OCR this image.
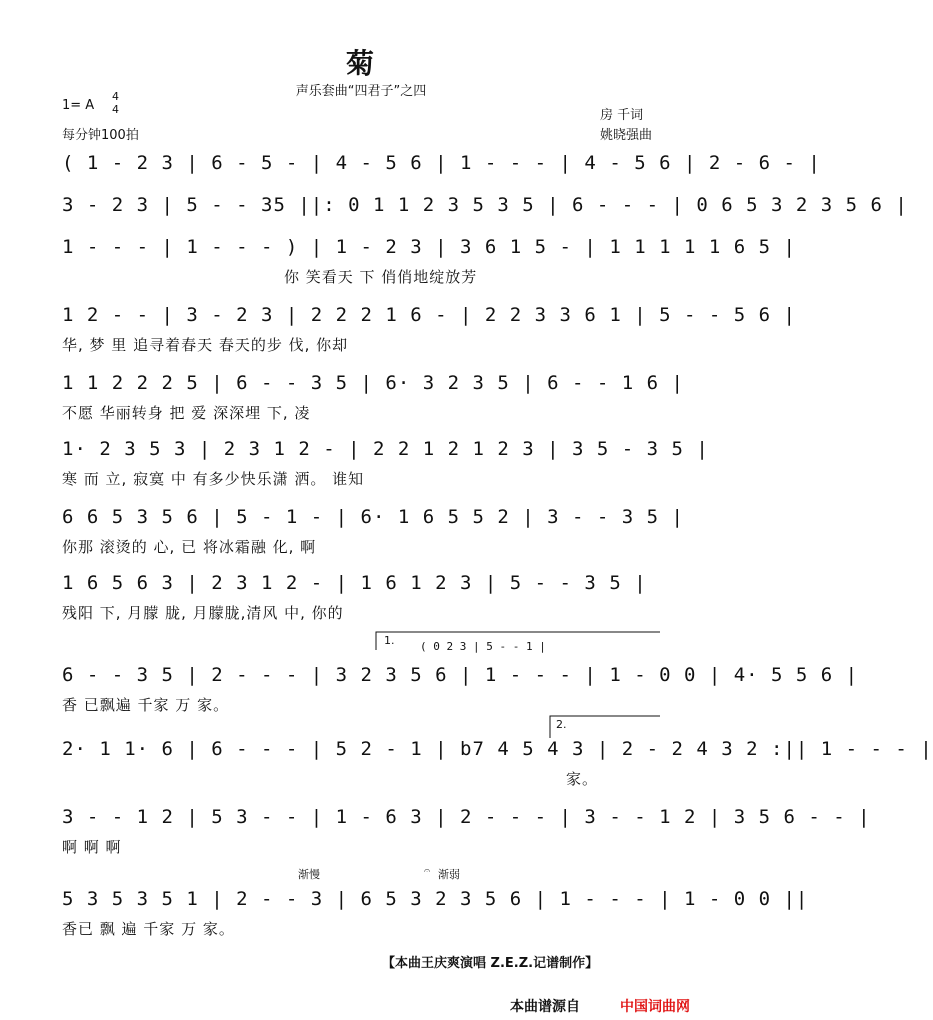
菊
声乐套曲“四君子”之四
1= A
4
4
每分钟100拍
房 千词
姚晓强曲
( 1 - 2 3 | 6 - 5 - | 4 - 5 6 | 1 - - - | 4 - 5 6 | 2 - 6 - |
3 - 2 3 | 5 - - 35 ||: 0 1 1 2 3 5 3 5 | 6 - - - | 0 6 5 3 2 3 5 6 |
1 - - - | 1 - - - ) | 1 - 2 3 | 3 6 1 5 - | 1 1 1 1 1 6 5 |
你 笑看天 下 俏俏地绽放芳
1 2 - - | 3 - 2 3 | 2 2 2 1 6 - | 2 2 3 3 6 1 | 5 - - 5 6 |
华, 梦 里 追寻着春天 春天的步 伐, 你却
1 1 2 2 2 5 | 6 - - 3 5 | 6· 3 2 3 5 | 6 - - 1 6 |
不愿 华丽转身 把 爱 深深埋 下, 凌
1· 2 3 5 3 | 2 3 1 2 - | 2 2 1 2 1 2 3 | 3 5 - 3 5 |
寒 而 立, 寂寞 中 有多少快乐潇 洒。 谁知
6 6 5 3 5 6 | 5 - 1 - | 6· 1 6 5 5 2 | 3 - - 3 5 |
你那 滚烫的 心, 已 将冰霜融 化, 啊
1 6 5 6 3 | 2 3 1 2 - | 1 6 1 2 3 | 5 - - 3 5 |
残阳 下, 月朦 胧, 月朦胧,清风 中, 你的
1. ( 0 2 3 | 5 - - 1 |
6 - - 3 5 | 2 - - - | 3 2 3 5 6 | 1 - - - | 1 - 0 0 | 4· 5 5 6 |
香 已飘遍 千家 万 家。
2.
2· 1 1· 6 | 6 - - - | 5 2 - 1 | b7 4 5 4 3 | 2 - 2 4 3 2 :|| 1 - - - |
家。
3 - - 1 2 | 5 3 - - | 1 - 6 3 | 2 - - - | 3 - - 1 2 | 3 5 6 - - |
啊 啊 啊
渐慢	𝄐 渐弱
5 3 5 3 5 1 | 2 - - 3 | 6 5 3 2 3 5 6 | 1 - - - | 1 - 0 0 ||
香已 飘 遍 千家 万 家。
【本曲王庆爽演唱 Z.E.Z.记谱制作】
本曲谱源自	中国词曲网
